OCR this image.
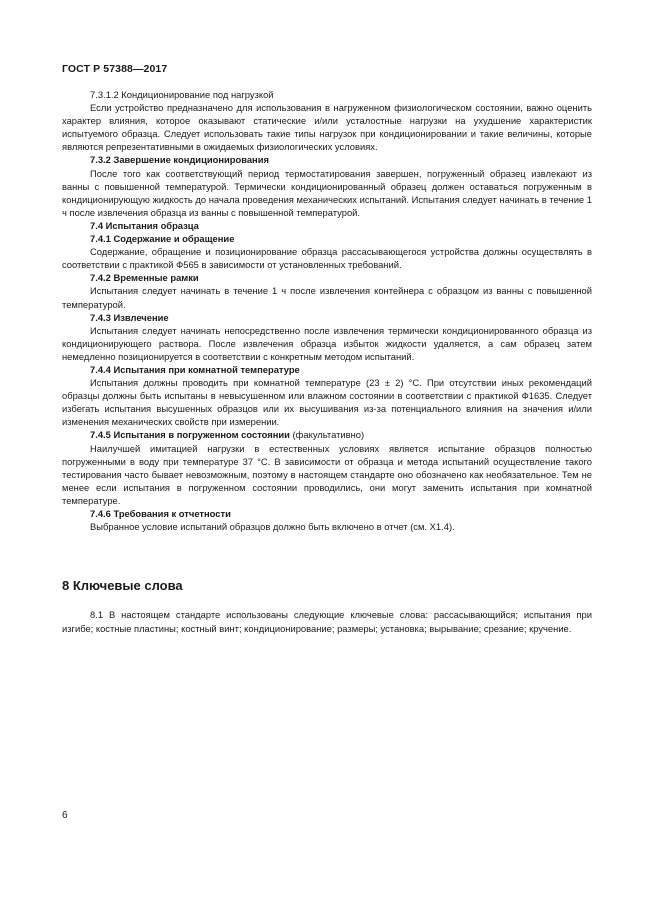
ГОСТ Р 57388—2017

7.3.1.2 Кондиционирование под нагрузкой

Если устройство предназначено для использования в нагруженном физиологическом состоянии, важно оценить характер влияния, которое оказывают статические и/или усталостные нагрузки на ухудшение характеристик испытуемого образца. Следует использовать такие типы нагрузок при кондиционировании и такие величины, которые являются репрезентативными в ожидаемых физиологических условиях.

7.3.2 Завершение кондиционирования

После того как соответствующий период термостатирования завершен, погруженный образец извлекают из ванны с повышенной температурой. Термически кондиционированный образец должен оставаться погруженным в кондиционирующую жидкость до начала проведения механических испытаний. Испытания следует начинать в течение 1 ч после извлечения образца из ванны с повышенной температурой.

7.4 Испытания образца

7.4.1 Содержание и обращение

Содержание, обращение и позиционирование образца рассасывающегося устройства должны осуществлять в соответствии с практикой Ф565 в зависимости от установленных требований.

7.4.2 Временные рамки

Испытания следует начинать в течение 1 ч после извлечения контейнера с образцом из ванны с повышенной температурой.

7.4.3 Извлечение

Испытания следует начинать непосредственно после извлечения термически кондиционированного образца из кондиционирующего раствора. После извлечения образца избыток жидкости удаляется, а сам образец затем немедленно позиционируется в соответствии с конкретным методом испытаний.

7.4.4 Испытания при комнатной температуре

Испытания должны проводить при комнатной температуре (23 ± 2) °С. При отсутствии иных рекомендаций образцы должны быть испытаны в невысушенном или влажном состоянии в соответствии с практикой Ф1635. Следует избегать испытания высушенных образцов или их высушивания из-за потенциального влияния на значения и/или изменения механических свойств при измерении.

7.4.5 Испытания в погруженном состоянии (факультативно)

Наилучшей имитацией нагрузки в естественных условиях является испытание образцов полностью погруженными в воду при температуре 37 °С. В зависимости от образца и метода испытаний осуществление такого тестирования часто бывает невозможным, поэтому в настоящем стандарте оно обозначено как необязательное. Тем не менее если испытания в погруженном состоянии проводились, они могут заменить испытания при комнатной температуре.

7.4.6 Требования к отчетности

Выбранное условие испытаний образцов должно быть включено в отчет (см. Х1.4).

8 Ключевые слова

8.1 В настоящем стандарте использованы следующие ключевые слова: рассасывающийся; испытания при изгибе; костные пластины; костный винт; кондиционирование; размеры; установка; вырывание; срезание; кручение.

6
